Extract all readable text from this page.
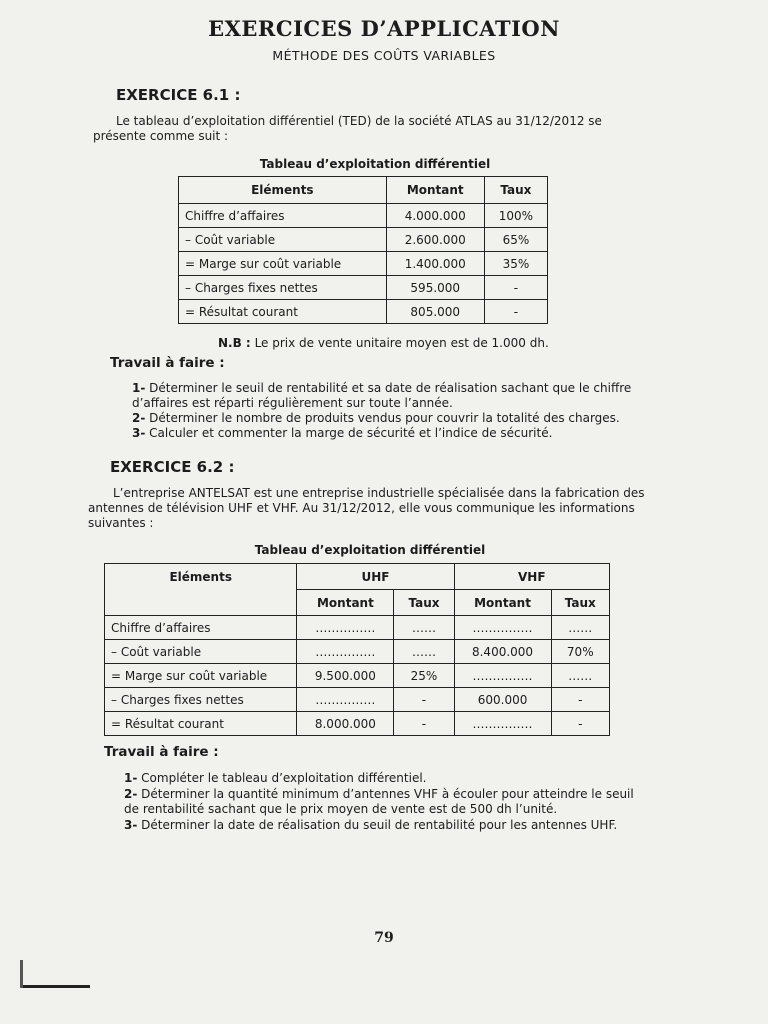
EXERCICES D’APPLICATION
MÉTHODE DES COÛTS VARIABLES
EXERCICE 6.1 :
Le tableau d’exploitation différentiel (TED) de la société ATLAS au 31/12/2012 se
présente comme suit :
Tableau d’exploitation différentiel
Eléments	Montant	Taux
Chiffre d’affaires	4.000.000	100%
– Coût variable	2.600.000	65%
= Marge sur coût variable	1.400.000	35%
– Charges fixes nettes	595.000	-
= Résultat courant	805.000	-
N.B : Le prix de vente unitaire moyen est de 1.000 dh.
Travail à faire :
1- Déterminer le seuil de rentabilité et sa date de réalisation sachant que le chiffre
d’affaires est réparti régulièrement sur toute l’année.
2- Déterminer le nombre de produits vendus pour couvrir la totalité des charges.
3- Calculer et commenter la marge de sécurité et l’indice de sécurité.
EXERCICE 6.2 :
L’entreprise ANTELSAT est une entreprise industrielle spécialisée dans la fabrication des
antennes de télévision UHF et VHF. Au 31/12/2012, elle vous communique les informations
suivantes :
Tableau d’exploitation différentiel
Eléments	UHF		VHF	
	Montant	Taux	Montant	Taux
Chiffre d’affaires	……………	……	……………	……
– Coût variable	……………	……	8.400.000	70%
= Marge sur coût variable	9.500.000	25%	……………	……
– Charges fixes nettes	……………	-	600.000	-
= Résultat courant	8.000.000	-	……………	-
Travail à faire :
1- Compléter le tableau d’exploitation différentiel.
2- Déterminer la quantité minimum d’antennes VHF à écouler pour atteindre le seuil
de rentabilité sachant que le prix moyen de vente est de 500 dh l’unité.
3- Déterminer la date de réalisation du seuil de rentabilité pour les antennes UHF.
79
